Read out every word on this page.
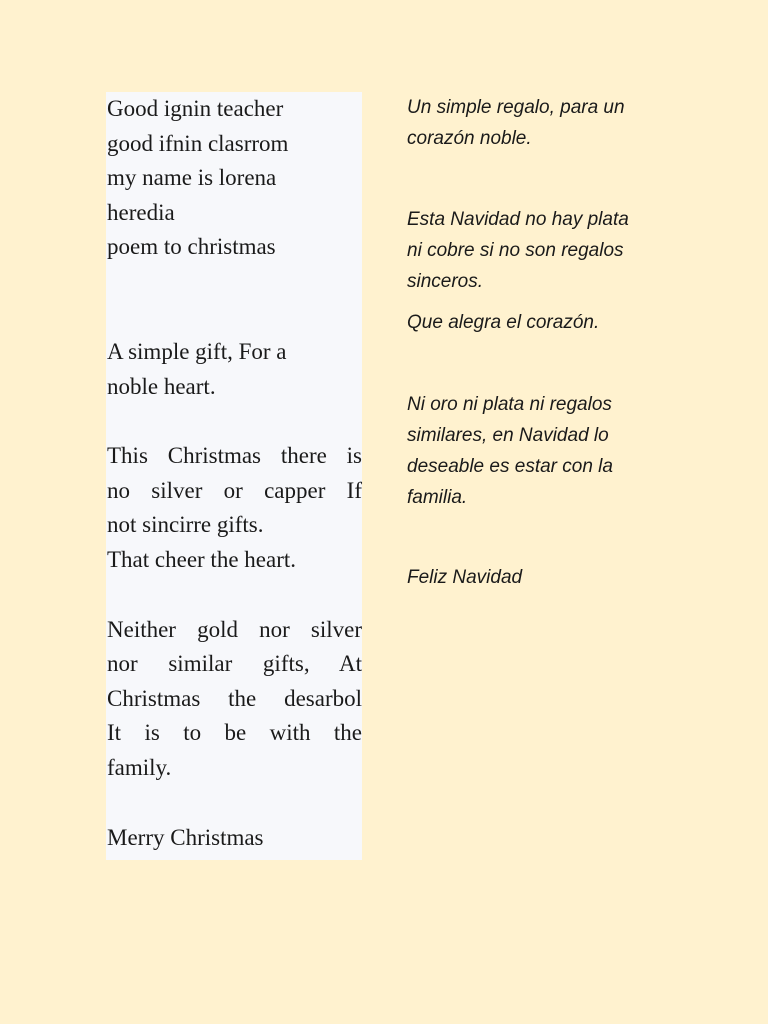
Good ignin teacher
good ifnin clasrrom
my name is lorena
heredia
poem to christmas
A simple gift, For a
noble heart.
This Christmas there is
no silver or capper If
not sincirre gifts.
That cheer the heart.
Neither gold nor silver
nor similar gifts, At
Christmas the desarbol
It is to be with the
family.
Merry Christmas
Un simple regalo, para un
corazón noble.
Esta Navidad no hay plata
ni cobre si no son regalos
sinceros.
Que alegra el corazón.
Ni oro ni plata ni regalos
similares, en Navidad lo
deseable es estar con la
familia.
Feliz Navidad
